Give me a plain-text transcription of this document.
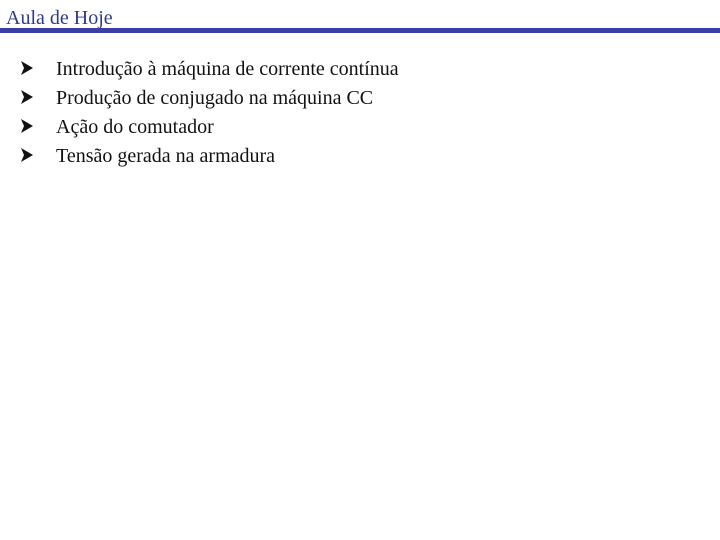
Aula de Hoje
Introdução à máquina de corrente contínua
Produção de conjugado na máquina CC
Ação do comutador
Tensão gerada na armadura
